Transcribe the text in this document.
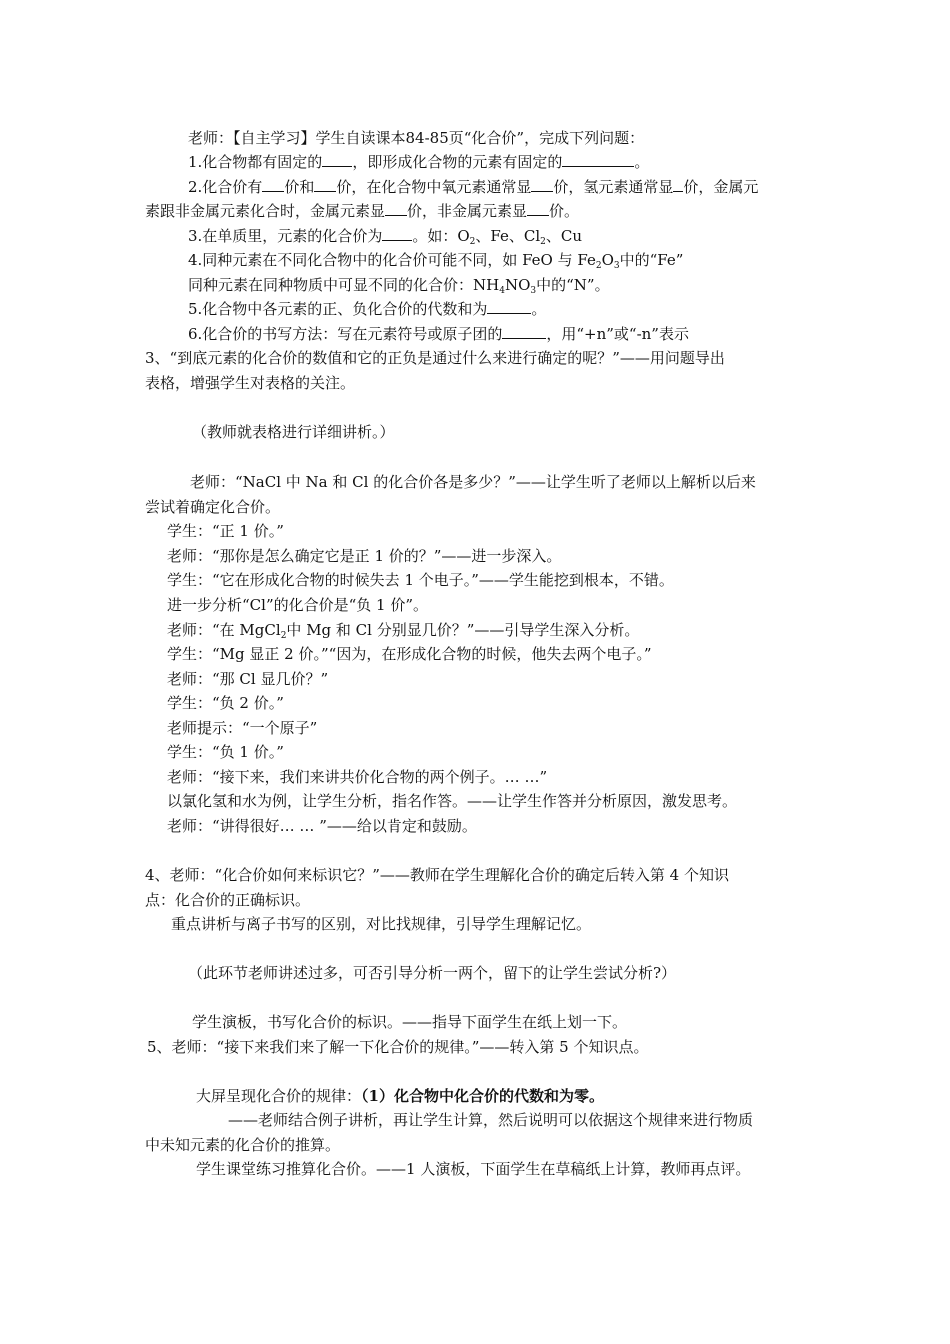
老师：【自主学习】学生自读课本84-85页“化合价”，完成下列问题：
1.化合物都有固定的 ，即形成化合物的元素有固定的	。
2.化合价有 价和 价，在化合物中氧元素通常显 价，氢元素通常显 价，金属元
素跟非金属元素化合时，金属元素显 价，非金属元素显 价。
3.在单质里，元素的化合价为 。如：$O_2$、Fe、$Cl_2$、Cu
4.同种元素在不同化合物中的化合价可能不同，如 FeO 与 $Fe_2O_3$中的“Fe”
同种元素在同种物质中可显不同的化合价：$NH_4NO_3$中的“N”。
5.化合物中各元素的正、负化合价的代数和为	。
6.化合价的书写方法：写在元素符号或原子团的	，用“+n”或“-n”表示
3、“到底元素的化合价的数值和它的正负是通过什么来进行确定的呢？”——用问题导出
表格，增强学生对表格的关注。
（教师就表格进行详细讲析。）
老师：“NaCl 中 Na 和 Cl 的化合价各是多少？”——让学生听了老师以上解析以后来
尝试着确定化合价。
学生：“正 1 价。”
老师：“那你是怎么确定它是正 1 价的？”——进一步深入。
学生：“它在形成化合物的时候失去 1 个电子。”——学生能挖到根本，不错。
进一步分析“Cl”的化合价是“负 1 价”。
老师：“在 MgCl$_2$中 Mg 和 Cl 分别显几价？”——引导学生深入分析。
学生：“Mg 显正 2 价。”“因为，在形成化合物的时候，他失去两个电子。”
老师：“那 Cl 显几价？”
学生：“负 2 价。”
老师提示：“一个原子”
学生：“负 1 价。”
老师：“接下来，我们来讲共价化合物的两个例子。… …”
以氯化氢和水为例，让学生分析，指名作答。——让学生作答并分析原因，激发思考。
老师：“讲得很好… … ”——给以肯定和鼓励。
4、老师：“化合价如何来标识它？”——教师在学生理解化合价的确定后转入第 4 个知识
点：化合价的正确标识。
重点讲析与离子书写的区别，对比找规律，引导学生理解记忆。
（此环节老师讲述过多，可否引导分析一两个，留下的让学生尝试分析?）
学生演板，书写化合价的标识。——指导下面学生在纸上划一下。
5、老师：“接下来我们来了解一下化合价的规律。”——转入第 5 个知识点。
大屏呈现化合价的规律：（1）化合物中化合价的代数和为零。
——老师结合例子讲析，再让学生计算，然后说明可以依据这个规律来进行物质
中未知元素的化合价的推算。
学生课堂练习推算化合价。——1 人演板，下面学生在草稿纸上计算，教师再点评。
